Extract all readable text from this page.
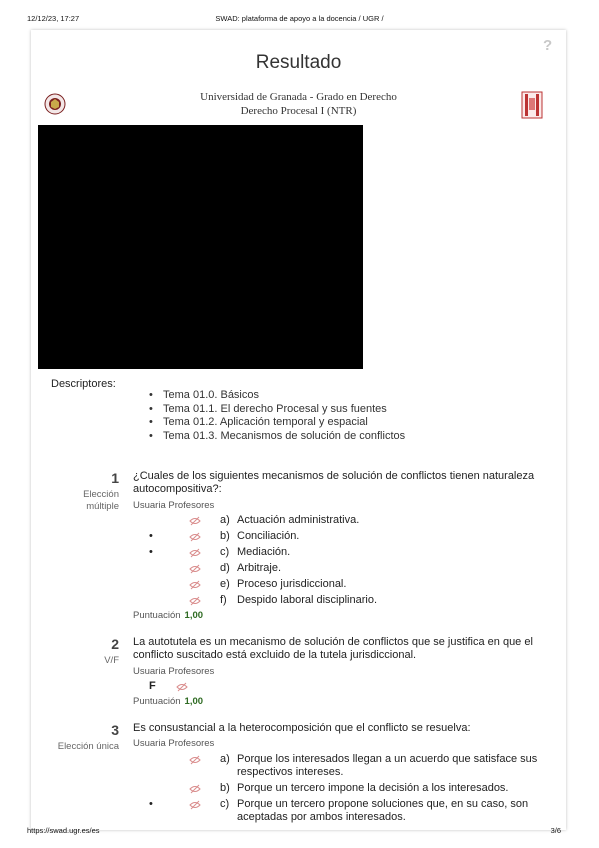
12/12/23, 17:27	SWAD: plataforma de apoyo a la docencia / UGR /
?
Resultado
Universidad de Granada - Grado en Derecho
Derecho Procesal I (NTR)
Descriptores:
• Tema 01.0. Básicos
• Tema 01.1. El derecho Procesal y sus fuentes
• Tema 01.2. Aplicación temporal y espacial
• Tema 01.3. Mecanismos de solución de conflictos
1
Elección
múltiple
¿Cuales de los siguientes mecanismos de solución de conflictos tienen naturaleza autocompositiva?:
Usuaria Profesores
a) Actuación administrativa.
•	b) Conciliación.
•	c) Mediación.
d) Arbitraje.
e) Proceso jurisdiccional.
f) Despido laboral disciplinario.
Puntuación 1,00
2
V/F
La autotutela es un mecanismo de solución de conflictos que se justifica en que el conflicto suscitado está excluido de la tutela jurisdiccional.
Usuaria Profesores
F
Puntuación 1,00
3
Elección única
Es consustancial a la heterocomposición que el conflicto se resuelva:
Usuaria Profesores
a) Porque los interesados llegan a un acuerdo que satisface sus respectivos intereses.
b) Porque un tercero impone la decisión a los interesados.
•	c) Porque un tercero propone soluciones que, en su caso, son aceptadas por ambos interesados.
https://swad.ugr.es/es	3/6
